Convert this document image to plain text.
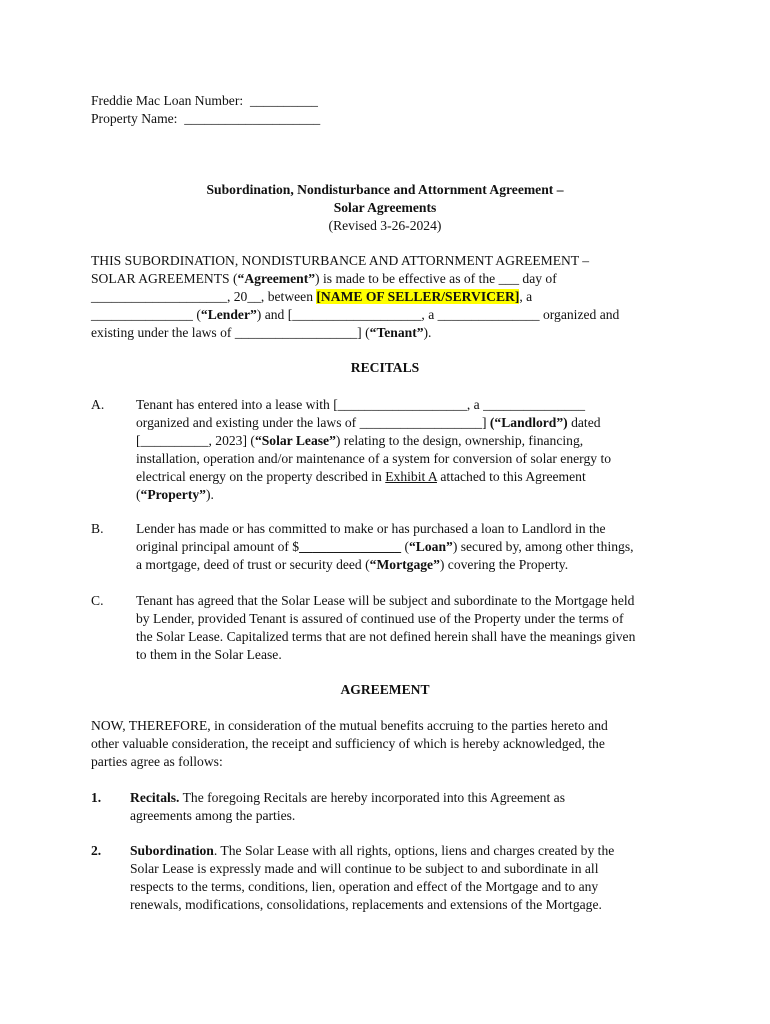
Freddie Mac Loan Number: __________
Property Name: ____________________
Subordination, Nondisturbance and Attornment Agreement –
Solar Agreements
(Revised 3-26-2024)
THIS SUBORDINATION, NONDISTURBANCE AND ATTORNMENT AGREEMENT –
SOLAR AGREEMENTS (“Agreement”) is made to be effective as of the ___ day of
____________________, 20__, between [NAME OF SELLER/SERVICER], a
_______________ (“Lender”) and [___________________, a _______________ organized and
existing under the laws of __________________] (“Tenant”).
RECITALS
A. Tenant has entered into a lease with [___________________, a _______________
organized and existing under the laws of __________________] (“Landlord”) dated
[__________, 2023] (“Solar Lease”) relating to the design, ownership, financing,
installation, operation and/or maintenance of a system for conversion of solar energy to
electrical energy on the property described in Exhibit A attached to this Agreement
(“Property”).
B. Lender has made or has committed to make or has purchased a loan to Landlord in the
original principal amount of $_______________ (“Loan”) secured by, among other things,
a mortgage, deed of trust or security deed (“Mortgage”) covering the Property.
C. Tenant has agreed that the Solar Lease will be subject and subordinate to the Mortgage held
by Lender, provided Tenant is assured of continued use of the Property under the terms of
the Solar Lease. Capitalized terms that are not defined herein shall have the meanings given
to them in the Solar Lease.
AGREEMENT
NOW, THEREFORE, in consideration of the mutual benefits accruing to the parties hereto and
other valuable consideration, the receipt and sufficiency of which is hereby acknowledged, the
parties agree as follows:
1. Recitals. The foregoing Recitals are hereby incorporated into this Agreement as
agreements among the parties.
2. Subordination. The Solar Lease with all rights, options, liens and charges created by the
Solar Lease is expressly made and will continue to be subject to and subordinate in all
respects to the terms, conditions, lien, operation and effect of the Mortgage and to any
renewals, modifications, consolidations, replacements and extensions of the Mortgage.
